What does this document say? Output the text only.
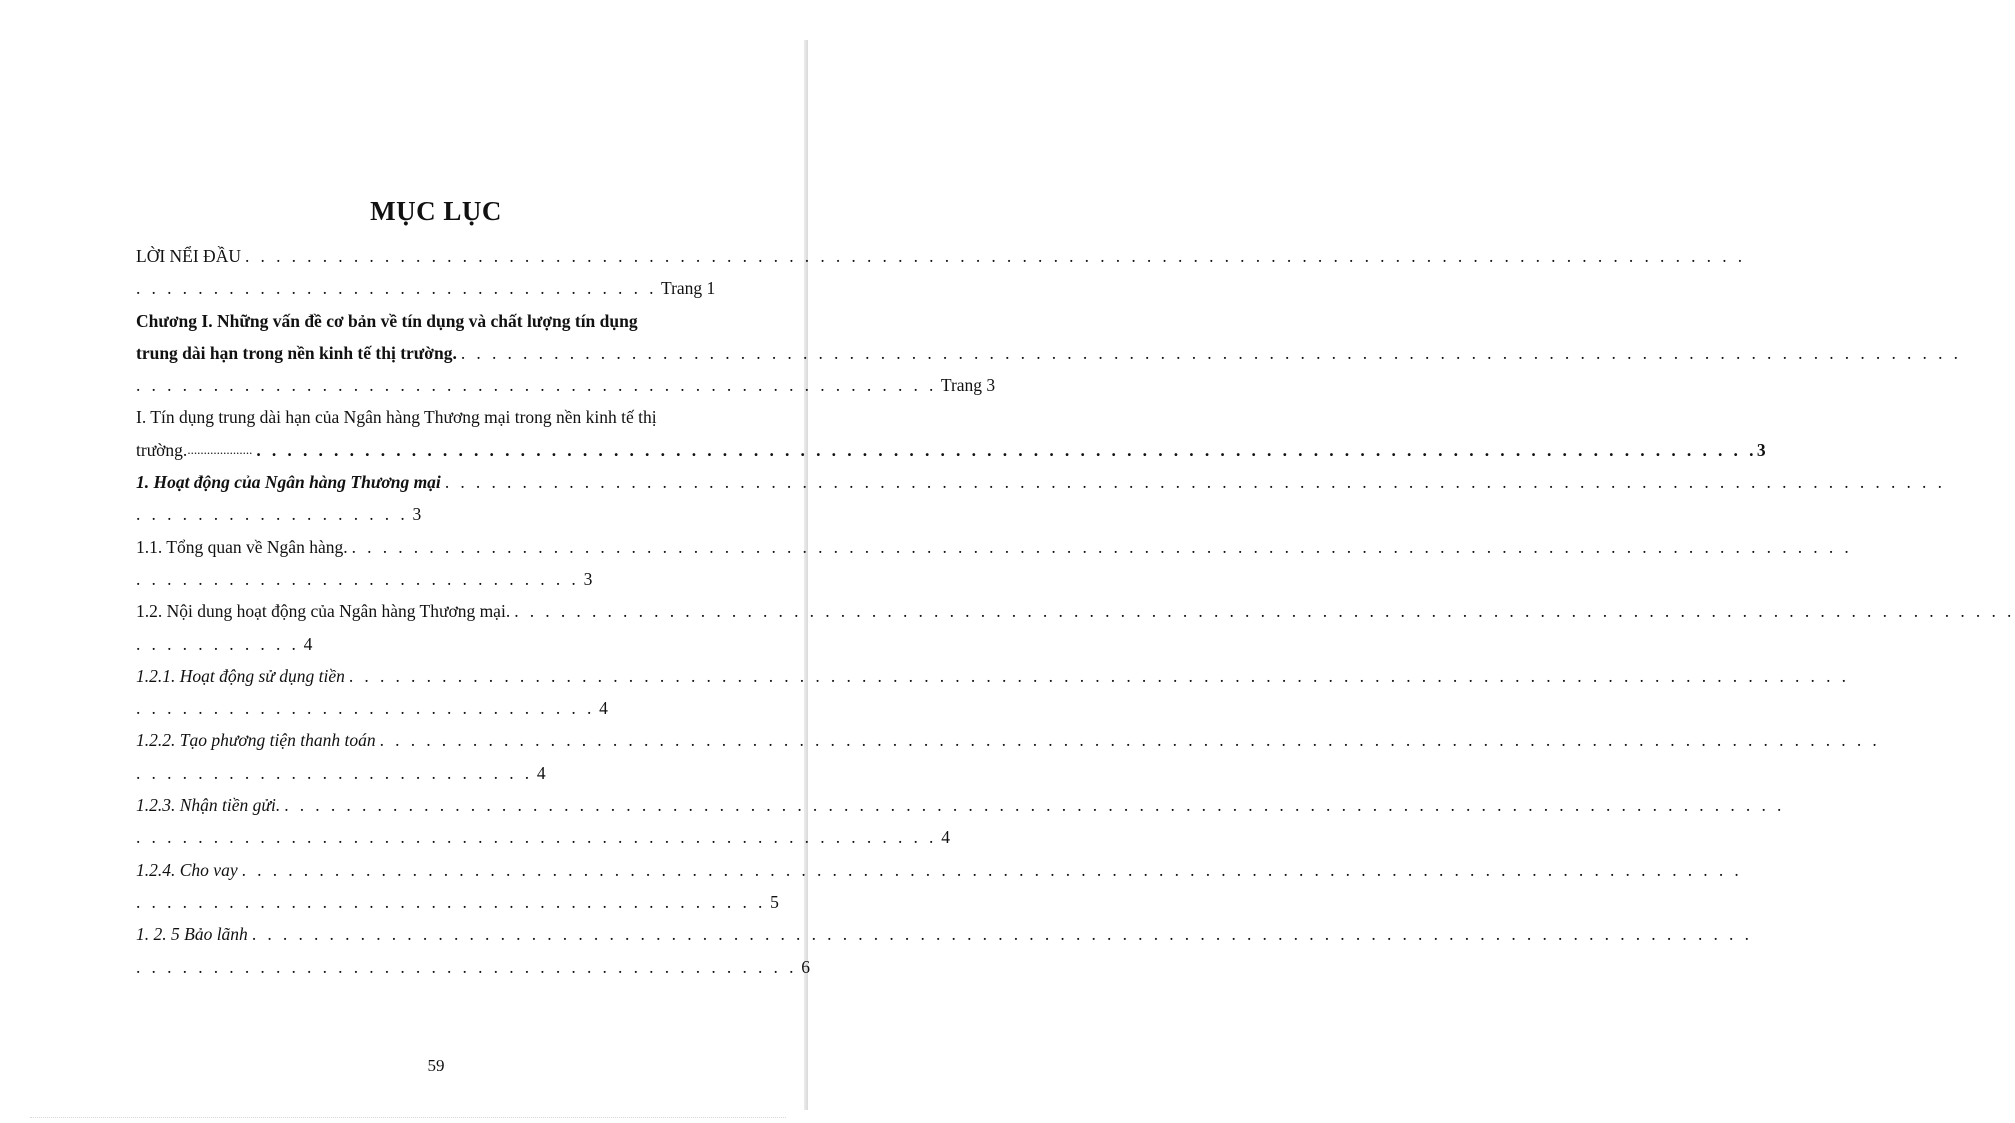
MỤC LỤC
LỜI NỂI ĐẦU
. . .
. . . . . . . . . . . . . . . . . . . . . . . . . . . . . . . . . . Trang 1
Chương I. Những vấn đề cơ bản về tín dụng và chất lượng tín dụng
trung dài hạn trong nền kinh tế thị trường.
. . .
. . . . . . . . . . . . . . . . . . . . . . . . . . . . . . . . . . . . . . . . . . . . . . . . . . . . Trang 3
I. Tín dụng trung dài hạn của Ngân hàng Thương mại trong nền kinh tế thị
trường. .................... . . .	3
1. Hoạt động của Ngân hàng Thương mại
. . .
. . . . . . . . . . . . . . . . . . 3
1.1. Tổng quan về Ngân hàng.
. . .
. . . . . . . . . . . . . . . . . . . . . . . . . . . . . 3
1.2. Nội dung hoạt động của Ngân hàng Thương mại.
. . .
. . . . . . . . . . . 4
1.2.1. Hoạt động sử dụng tiền
. . .
. . . . . . . . . . . . . . . . . . . . . . . . . . . . . . 4
1.2.2. Tạo phương tiện thanh toán
. . .
. . . . . . . . . . . . . . . . . . . . . . . . . . 4
1.2.3. Nhận tiền gửi.
. . .
. . . . . . . . . . . . . . . . . . . . . . . . . . . . . . . . . . . . . . . . . . . . . . . . . . . . 4
1.2.4. Cho vay
. . .
. . . . . . . . . . . . . . . . . . . . . . . . . . . . . . . . . . . . . . . . . 5
1. 2. 5 Bảo lãnh
. . .
. . . . . . . . . . . . . . . . . . . . . . . . . . . . . . . . . . . . . . . . . . . 6
59
